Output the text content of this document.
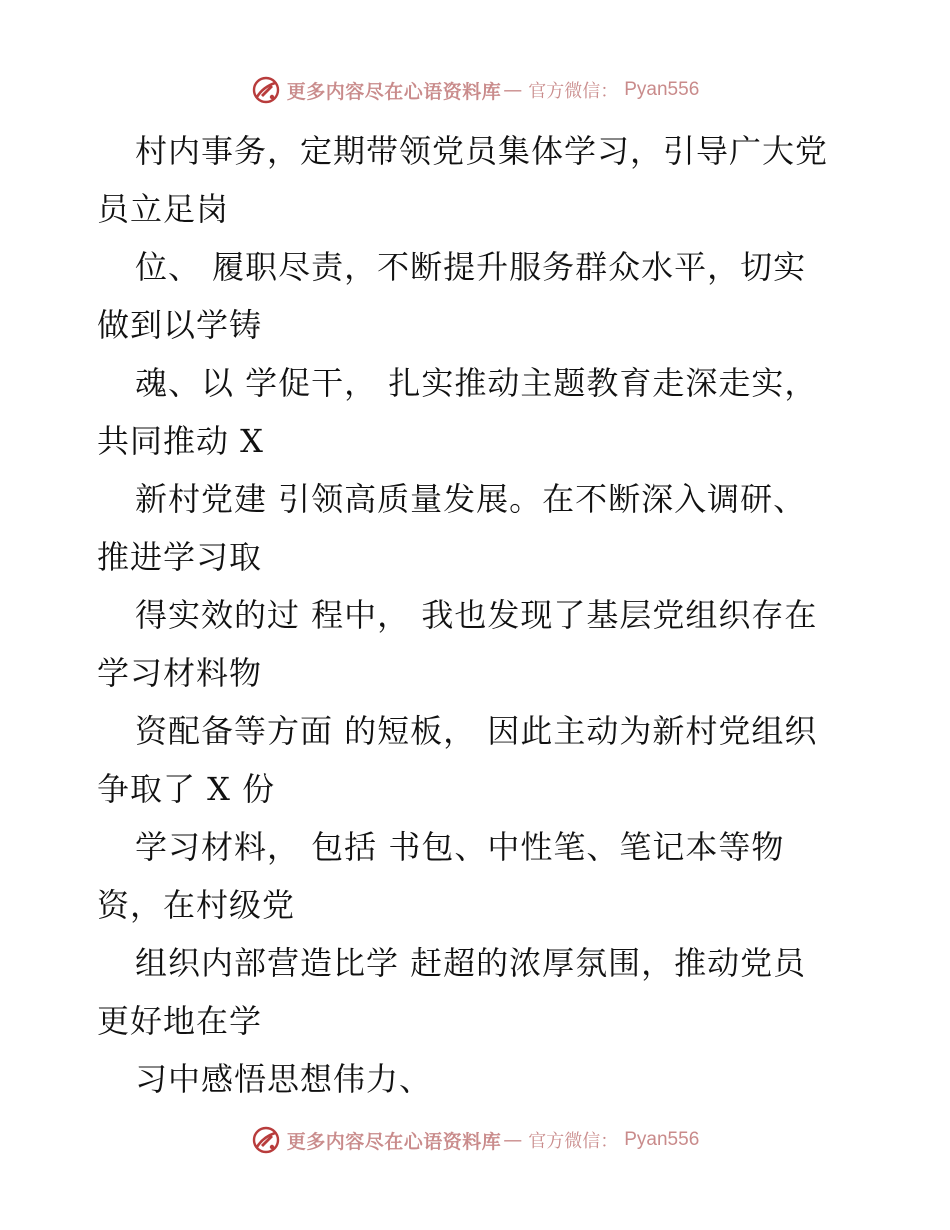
更多内容尽在心语资料库 — 官方微信： Pyan556
村内事务，定期带领党员集体学习，引导广大党
员立足岗
位、 履职尽责，不断提升服务群众水平，切实
做到以学铸
魂、以 学促干， 扎实推动主题教育走深走实，
共同推动 X
新村党建 引领高质量发展。在不断深入调研、
推进学习取
得实效的过 程中， 我也发现了基层党组织存在
学习材料物
资配备等方面 的短板， 因此主动为新村党组织
争取了 X 份
学习材料， 包括 书包、中性笔、笔记本等物
资，在村级党
组织内部营造比学 赶超的浓厚氛围，推动党员
更好地在学
习中感悟思想伟力、
更多内容尽在心语资料库 — 官方微信： Pyan556
